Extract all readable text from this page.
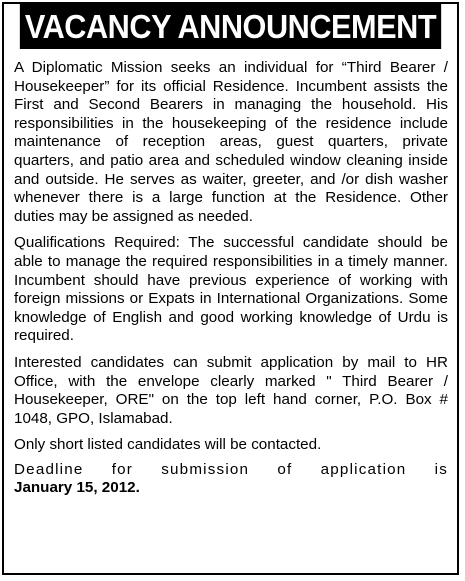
VACANCY ANNOUNCEMENT

A Diplomatic Mission seeks an individual for “Third Bearer / Housekeeper” for its official Residence. Incumbent assists the First and Second Bearers in managing the household. His responsibilities in the housekeeping of the residence include maintenance of reception areas, guest quarters, private quarters, and patio area and scheduled window cleaning inside and outside. He serves as waiter, greeter, and /or dish washer whenever there is a large function at the Residence. Other duties may be assigned as needed.

Qualifications Required: The successful candidate should be able to manage the required responsibilities in a timely manner. Incumbent should have previous experience of working with foreign missions or Expats in International Organizations. Some knowledge of English and good working knowledge of Urdu is required.

Interested candidates can submit application by mail to HR Office, with the envelope clearly marked " Third Bearer / Housekeeper, ORE" on the top left hand corner, P.O. Box # 1048, GPO, Islamabad.

Only short listed candidates will be contacted.

Deadline for submission of application is
January 15, 2012.
